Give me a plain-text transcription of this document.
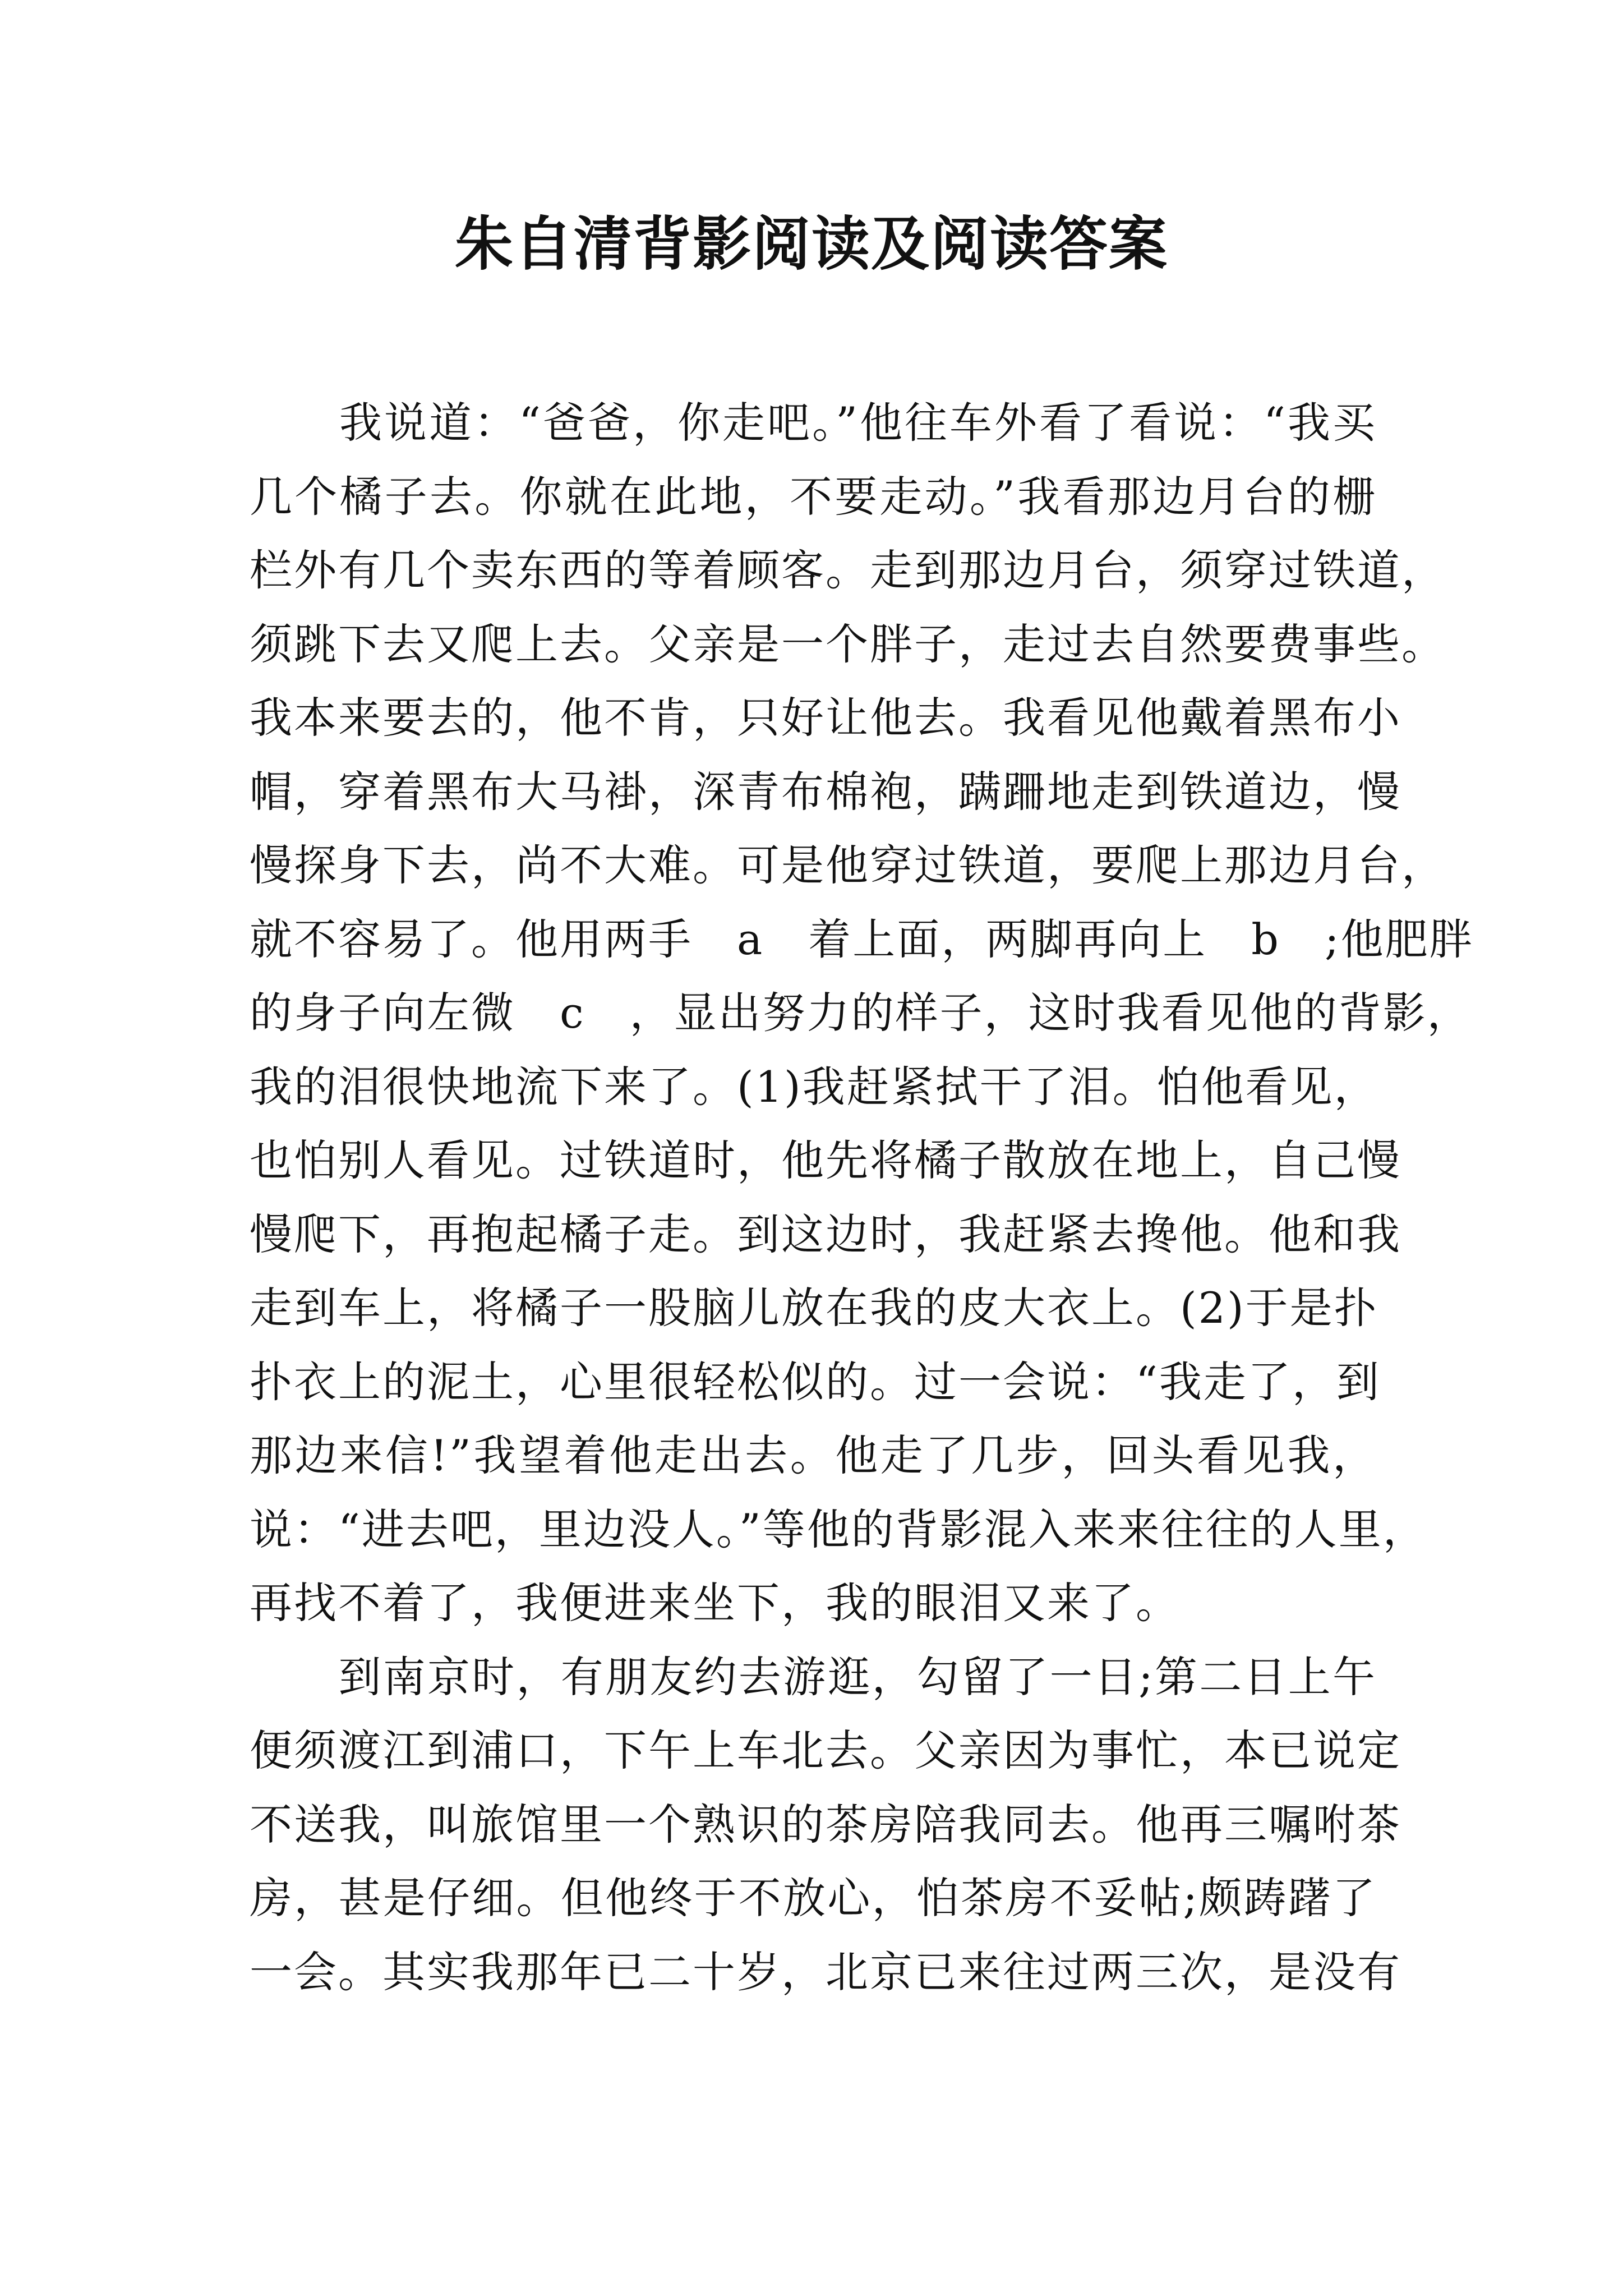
朱自清背影阅读及阅读答案
　　我说道：“爸爸，你走吧。”他往车外看了看说：“我买
几个橘子去。你就在此地，不要走动。”我看那边月台的栅
栏外有几个卖东西的等着顾客。走到那边月台，须穿过铁道，
须跳下去又爬上去。父亲是一个胖子，走过去自然要费事些。
我本来要去的，他不肯，只好让他去。我看见他戴着黑布小
帽，穿着黑布大马褂，深青布棉袍，蹒跚地走到铁道边，慢
慢探身下去，尚不大难。可是他穿过铁道，要爬上那边月台，
就不容易了。他用两手　a　着上面，两脚再向上　b　;他肥胖
的身子向左微　c　，显出努力的样子，这时我看见他的背影，
我的泪很快地流下来了。(1)我赶紧拭干了泪。怕他看见，
也怕别人看见。过铁道时，他先将橘子散放在地上，自己慢
慢爬下，再抱起橘子走。到这边时，我赶紧去搀他。他和我
走到车上，将橘子一股脑儿放在我的皮大衣上。(2)于是扑
扑衣上的泥土，心里很轻松似的。过一会说：“我走了，到
那边来信!”我望着他走出去。他走了几步，回头看见我，
说：“进去吧，里边没人。”等他的背影混入来来往往的人里，
再找不着了，我便进来坐下，我的眼泪又来了。
　　到南京时，有朋友约去游逛，勾留了一日;第二日上午
便须渡江到浦口，下午上车北去。父亲因为事忙，本已说定
不送我，叫旅馆里一个熟识的茶房陪我同去。他再三嘱咐茶
房，甚是仔细。但他终于不放心，怕茶房不妥帖;颇踌躇了
一会。其实我那年已二十岁，北京已来往过两三次，是没有
